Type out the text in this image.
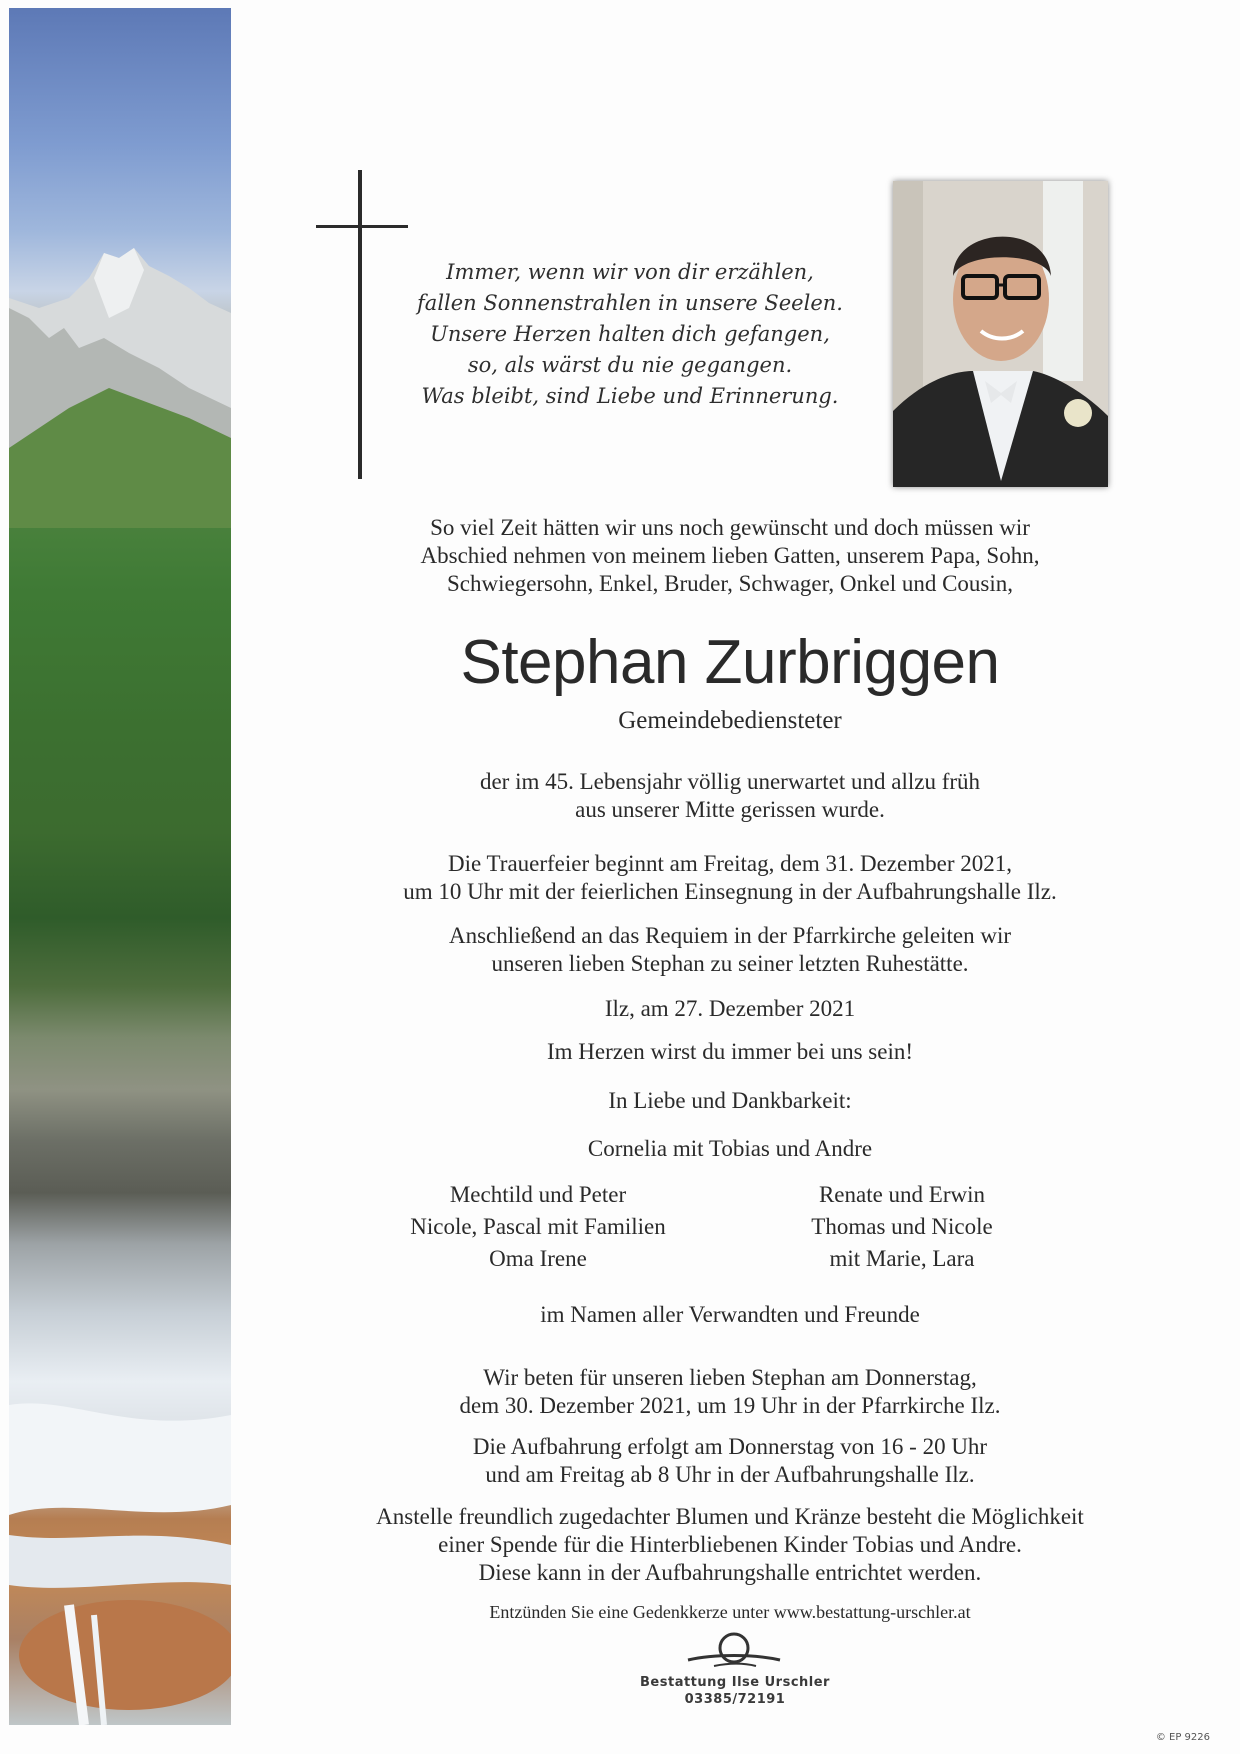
Immer, wenn wir von dir erzählen,
fallen Sonnenstrahlen in unsere Seelen.
Unsere Herzen halten dich gefangen,
so, als wärst du nie gegangen.
Was bleibt, sind Liebe und Erinnerung.
So viel Zeit hätten wir uns noch gewünscht und doch müssen wir
Abschied nehmen von meinem lieben Gatten, unserem Papa, Sohn,
Schwiegersohn, Enkel, Bruder, Schwager, Onkel und Cousin,
Stephan Zurbriggen
Gemeindebediensteter
der im 45. Lebensjahr völlig unerwartet und allzu früh
aus unserer Mitte gerissen wurde.
Die Trauerfeier beginnt am Freitag, dem 31. Dezember 2021,
um 10 Uhr mit der feierlichen Einsegnung in der Aufbahrungshalle Ilz.
Anschließend an das Requiem in der Pfarrkirche geleiten wir
unseren lieben Stephan zu seiner letzten Ruhestätte.
Ilz, am 27. Dezember 2021
Im Herzen wirst du immer bei uns sein!
In Liebe und Dankbarkeit:
Cornelia mit Tobias und Andre
Mechtild und Peter
Nicole, Pascal mit Familien
Oma Irene
Renate und Erwin
Thomas und Nicole
mit Marie, Lara
im Namen aller Verwandten und Freunde
Wir beten für unseren lieben Stephan am Donnerstag,
dem 30. Dezember 2021, um 19 Uhr in der Pfarrkirche Ilz.
Die Aufbahrung erfolgt am Donnerstag von 16 - 20 Uhr
und am Freitag ab 8 Uhr in der Aufbahrungshalle Ilz.
Anstelle freundlich zugedachter Blumen und Kränze besteht die Möglichkeit
einer Spende für die Hinterbliebenen Kinder Tobias und Andre.
Diese kann in der Aufbahrungshalle entrichtet werden.
Entzünden Sie eine Gedenkkerze unter www.bestattung-urschler.at
Bestattung Ilse Urschler
03385/72191
© EP 9226
